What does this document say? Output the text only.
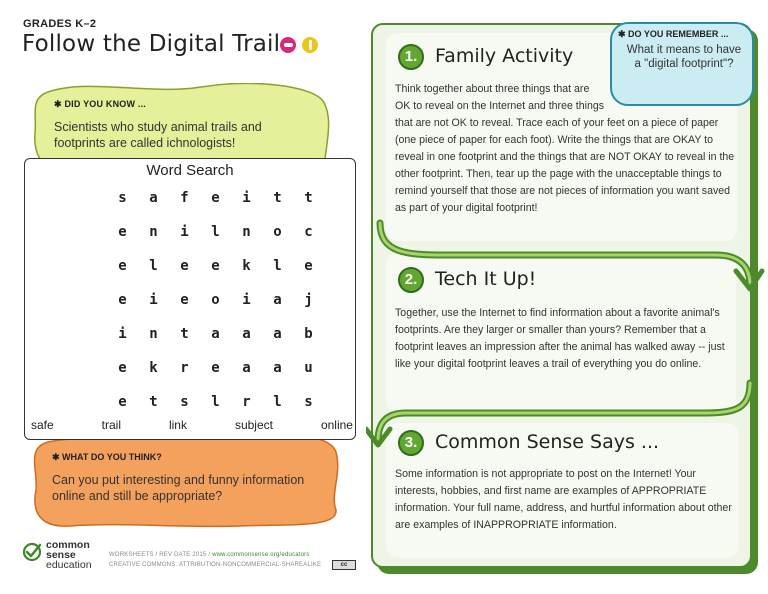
GRADES K–2
Follow the Digital Trail
✱ DID YOU KNOW ...
Scientists who study animal trails and footprints are called ichnologists!
✱ WHAT DO YOU THINK?
Can you put interesting and funny information online and still be appropriate?
Word Search
s	a	f	e	i	t	t
e	n	i	l	n	o	c
e	l	e	e	k	l	e
e	i	e	o	i	a	j
i	n	t	a	a	a	b
e	k	r	e	a	a	u
e	t	s	l	r	l	s
safe	trail	link	subject	online
1. Family Activity
Think together about three things that are OK to reveal on the Internet and three things that are not OK to reveal. Trace each of your feet on a piece of paper (one piece of paper for each foot). Write the things that are OKAY to reveal in one footprint and the things that are NOT OKAY to reveal in the other footprint. Then, tear up the page with the unacceptable things to remind yourself that those are not pieces of information you want saved as part of your digital footprint!
2. Tech It Up!
Together, use the Internet to find information about a favorite animal's footprints. Are they larger or smaller than yours? Remember that a footprint leaves an impression after the animal has walked away -- just like your digital footprint leaves a trail of everything you do online.
3. Common Sense Says ...
Some information is not appropriate to post on the Internet! Your interests, hobbies, and first name are examples of APPROPRIATE information. Your full name, address, and hurtful information about other are examples of INAPPROPRIATE information.
✱ DO YOU REMEMBER ...
What it means to have a "digital footprint"?
common
sense
education
WORKSHEETS / REV DATE 2015 / www.commonsense.org/educators
CREATIVE COMMONS: ATTRIBUTION-NONCOMMERCIAL-SHAREALIKE	cc
